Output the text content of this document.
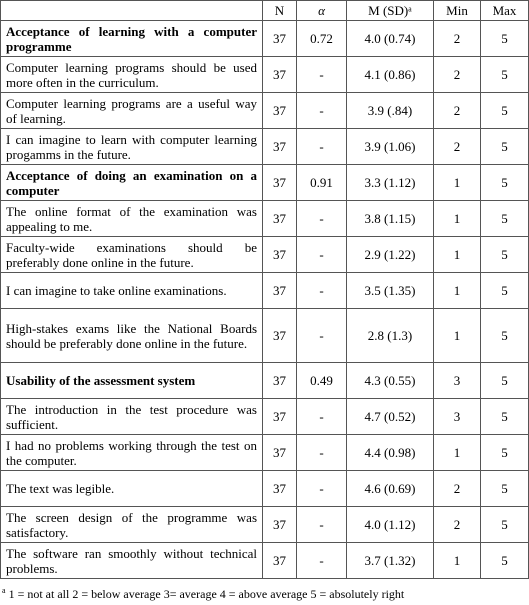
	N	α	M (SD)ᵃ	Min	Max
Acceptance of learning with a computer programme	37	0.72	4.0 (0.74)	2	5
Computer learning programs should be used more often in the curriculum.	37	-	4.1 (0.86)	2	5
Computer learning programs are a useful way of learning.	37	-	3.9 (.84)	2	5
I can imagine to learn with computer learning progamms in the future.	37	-	3.9 (1.06)	2	5
Acceptance of doing an examination on a computer	37	0.91	3.3 (1.12)	1	5
The online format of the examination was appealing to me.	37	-	3.8 (1.15)	1	5
Faculty-wide examinations should be preferably done online in the future.	37	-	2.9 (1.22)	1	5
I can imagine to take online examinations.	37	-	3.5 (1.35)	1	5
High-stakes exams like the National Boards should be preferably done online in the future.	37	-	2.8 (1.3)	1	5
Usability of the assessment system	37	0.49	4.3 (0.55)	3	5
The introduction in the test procedure was sufficient.	37	-	4.7 (0.52)	3	5
I had no problems working through the test on the computer.	37	-	4.4 (0.98)	1	5
The text was legible.	37	-	4.6 (0.69)	2	5
The screen design of the programme was satisfactory.	37	-	4.0 (1.12)	2	5
The software ran smoothly without technical problems.	37	-	3.7 (1.32)	1	5
$^a$ 1 = not at all 2 = below average 3= average 4 = above average 5 = absolutely right
